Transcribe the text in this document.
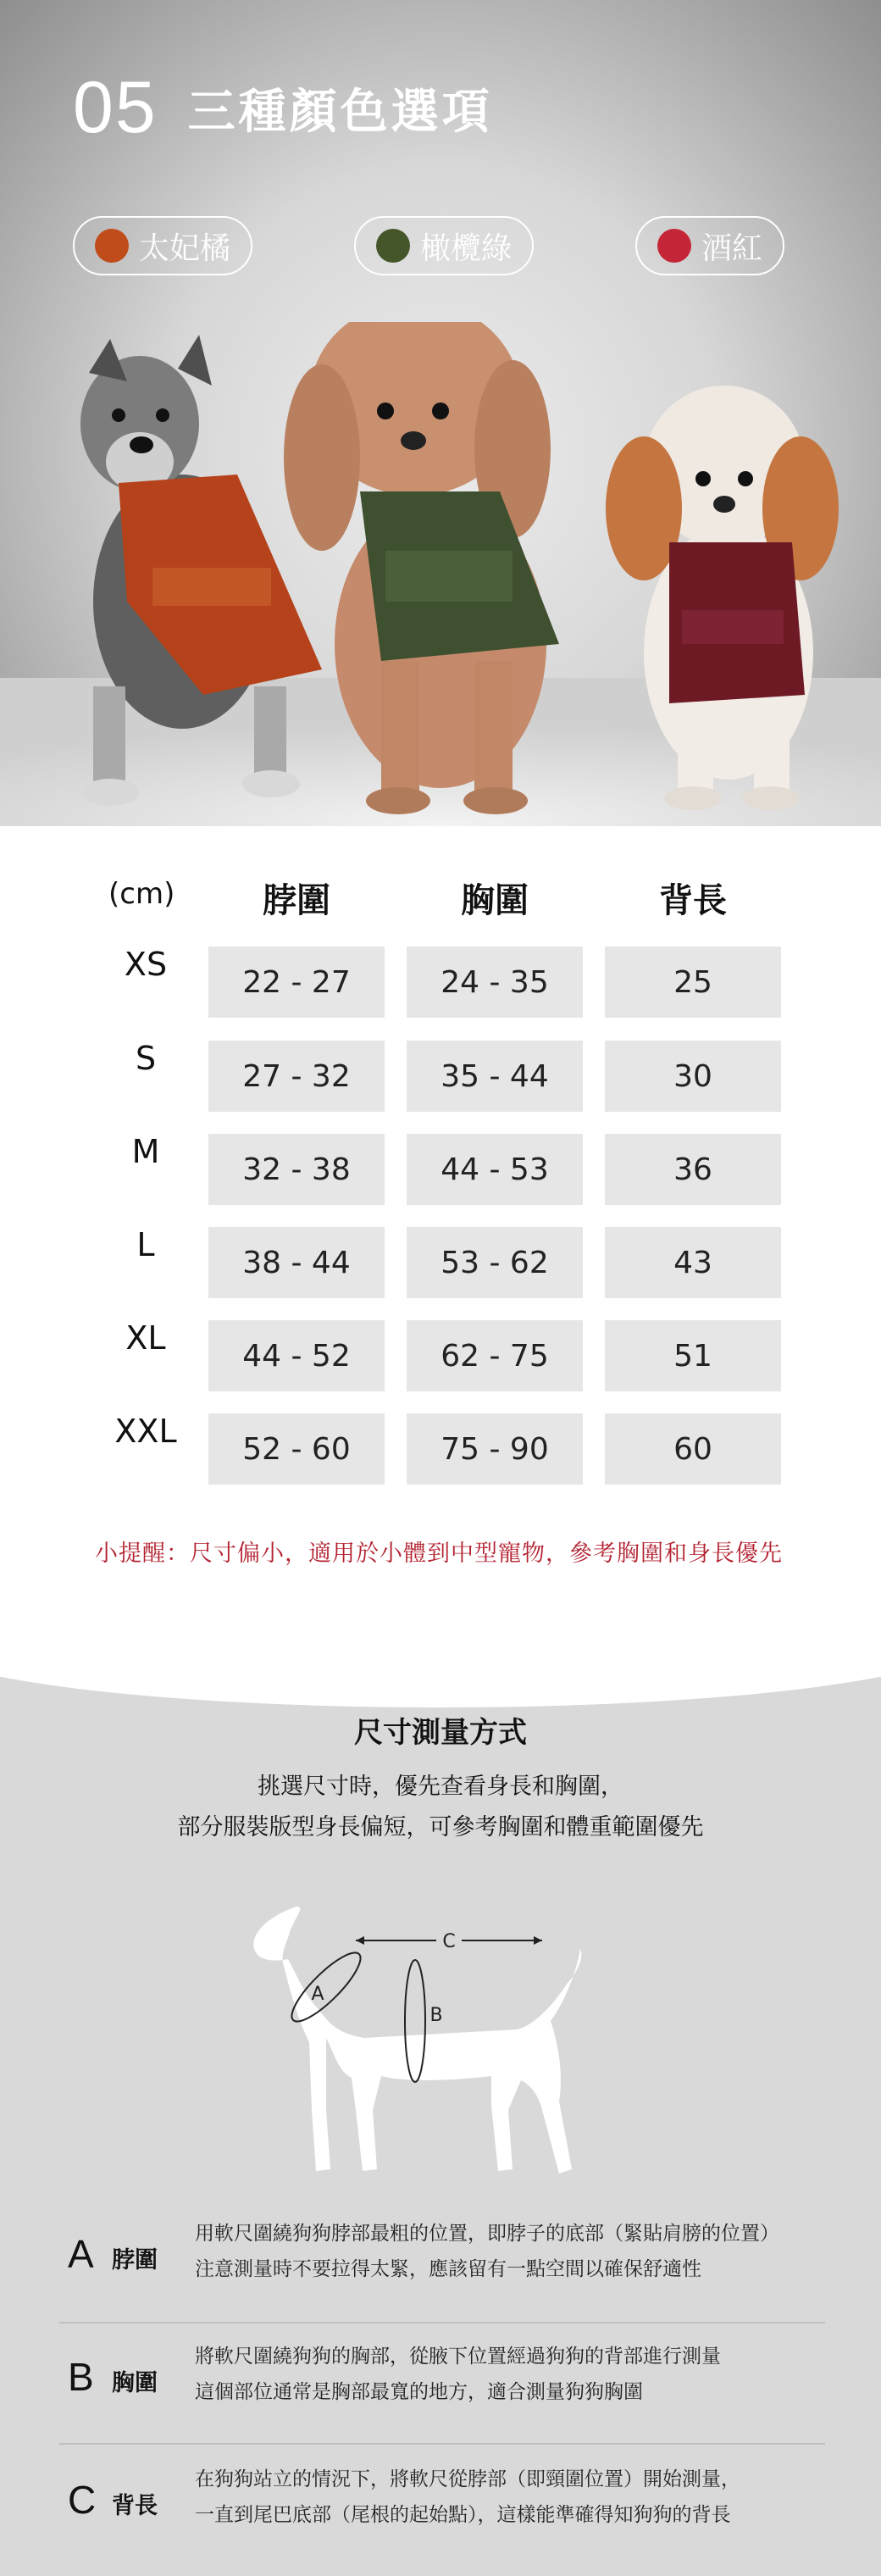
05 三種顏色選項
太妃橘	橄欖綠	酒紅
(cm)	脖圍	胸圍	背長
XS	22 - 27	24 - 35	25
S	27 - 32	35 - 44	30
M	32 - 38	44 - 53	36
L	38 - 44	53 - 62	43
XL	44 - 52	62 - 75	51
XXL	52 - 60	75 - 90	60
小提醒：尺寸偏小，適用於小體到中型寵物，參考胸圍和身長優先
尺寸測量方式
挑選尺寸時，優先查看身長和胸圍，
部分服裝版型身長偏短，可參考胸圍和體重範圍優先
C
A
B
A 脖圍
用軟尺圍繞狗狗脖部最粗的位置，即脖子的底部（緊貼肩膀的位置）
注意測量時不要拉得太緊，應該留有一點空間以確保舒適性
B 胸圍
將軟尺圍繞狗狗的胸部，從腋下位置經過狗狗的背部進行測量
這個部位通常是胸部最寬的地方，適合測量狗狗胸圍
C 背長
在狗狗站立的情況下，將軟尺從脖部（即頸圍位置）開始測量，
一直到尾巴底部（尾根的起始點），這樣能準確得知狗狗的背長
